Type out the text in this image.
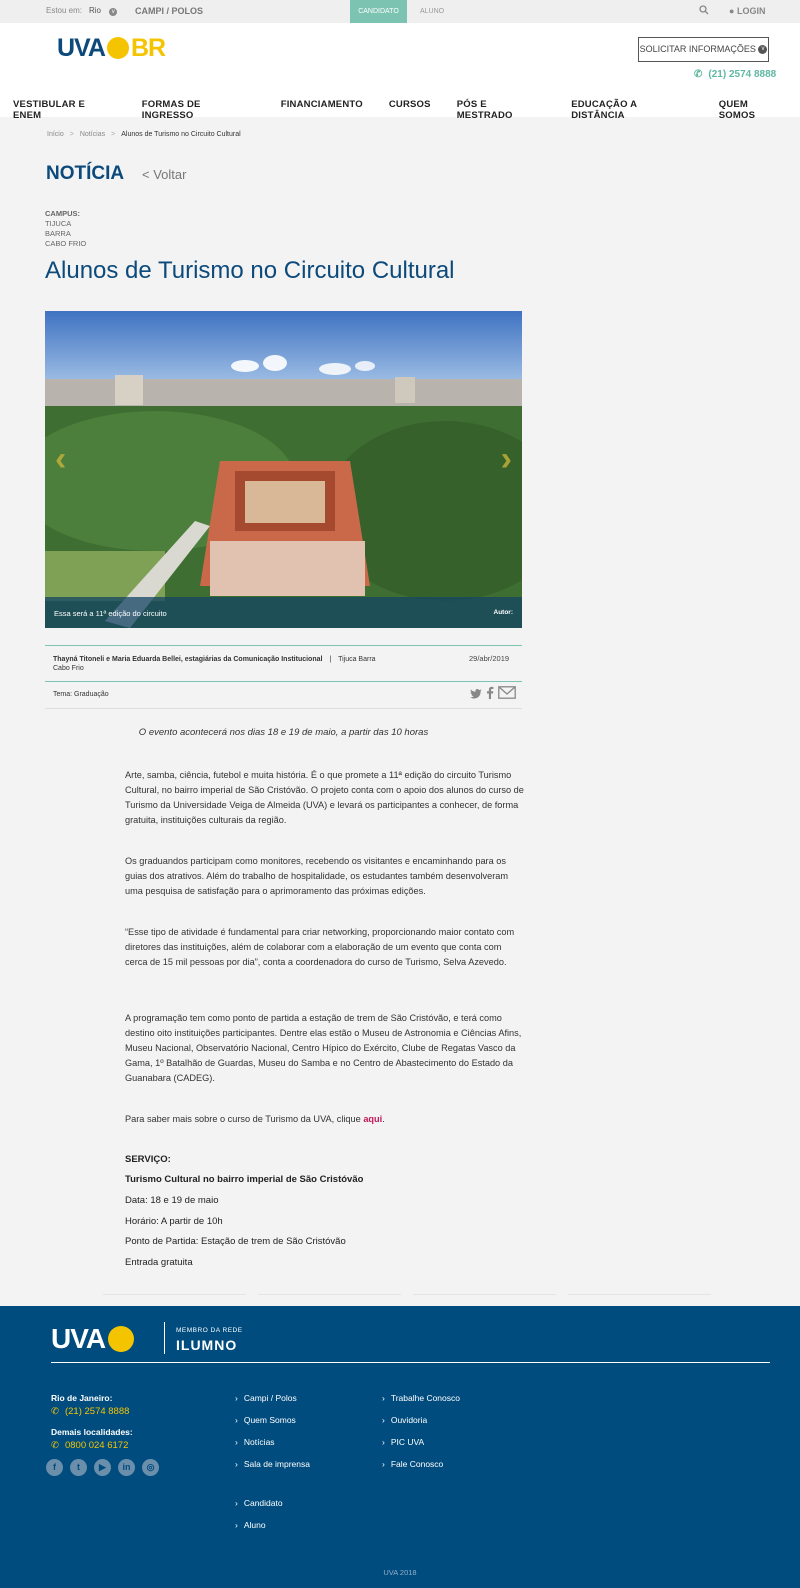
Estou em: Rio v CAMPI / POLOS	CANDIDATO	ALUNO	● LOGIN
UVA BR	SOLICITAR INFORMAÇÕES v
✆ (21) 2574 8888
VESTIBULAR E ENEM
FORMAS DE INGRESSO
FINANCIAMENTO	CURSOS	PÓS E MESTRADO
EDUCAÇÃO A DISTÂNCIA
QUEM SOMOS
Início > Notícias > Alunos de Turismo no Circuito Cultural
NOTÍCIA < Voltar
CAMPUS:
TIJUCA
BARRA
CABO FRIO
Alunos de Turismo no Circuito Cultural
‹	›
Essa será a 11ª edição do circuito	Autor:
Thayná Titoneli e Maria Eduarda Bellei, estagiárias da Comunicação Institucional | Tijuca Barra
Cabo Frio
29/abr/2019
Tema: Graduação
O evento acontecerá nos dias 18 e 19 de maio, a partir das 10 horas

Arte, samba, ciência, futebol e muita história. É o que promete a 11ª edição do circuito Turismo Cultural, no bairro imperial de São Cristóvão. O projeto conta com o apoio dos alunos do curso de Turismo da Universidade Veiga de Almeida (UVA) e levará os participantes a conhecer, de forma gratuita, instituições culturais da região.

Os graduandos participam como monitores, recebendo os visitantes e encaminhando para os guias dos atrativos. Além do trabalho de hospitalidade, os estudantes também desenvolveram uma pesquisa de satisfação para o aprimoramento das próximas edições.

“Esse tipo de atividade é fundamental para criar networking, proporcionando maior contato com diretores das instituições, além de colaborar com a elaboração de um evento que conta com cerca de 15 mil pessoas por dia”, conta a coordenadora do curso de Turismo, Selva Azevedo.

A programação tem como ponto de partida a estação de trem de São Cristóvão, e terá como destino oito instituições participantes. Dentre elas estão o Museu de Astronomia e Ciências Afins, Museu Nacional, Observatório Nacional, Centro Hípico do Exército, Clube de Regatas Vasco da Gama, 1º Batalhão de Guardas, Museu do Samba e no Centro de Abastecimento do Estado da Guanabara (CADEG).

Para saber mais sobre o curso de Turismo da UVA, clique aqui.

SERVIÇO:
Turismo Cultural no bairro imperial de São Cristóvão
Data: 18 e 19 de maio
Horário: A partir de 10h
Ponto de Partida: Estação de trem de São Cristóvão
Entrada gratuita
UVA	MEMBRO DA REDE
ILUMNO
Rio de Janeiro:
✆ (21) 2574 8888
Demais localidades:
✆ 0800 024 6172
f	t	▶	in	◎
› Campi / Polos
› Quem Somos
› Notícias
› Sala de imprensa
› Candidato
› Aluno
› Trabalhe Conosco
› Ouvidoria
› PIC UVA
› Fale Conosco
UVA 2018
